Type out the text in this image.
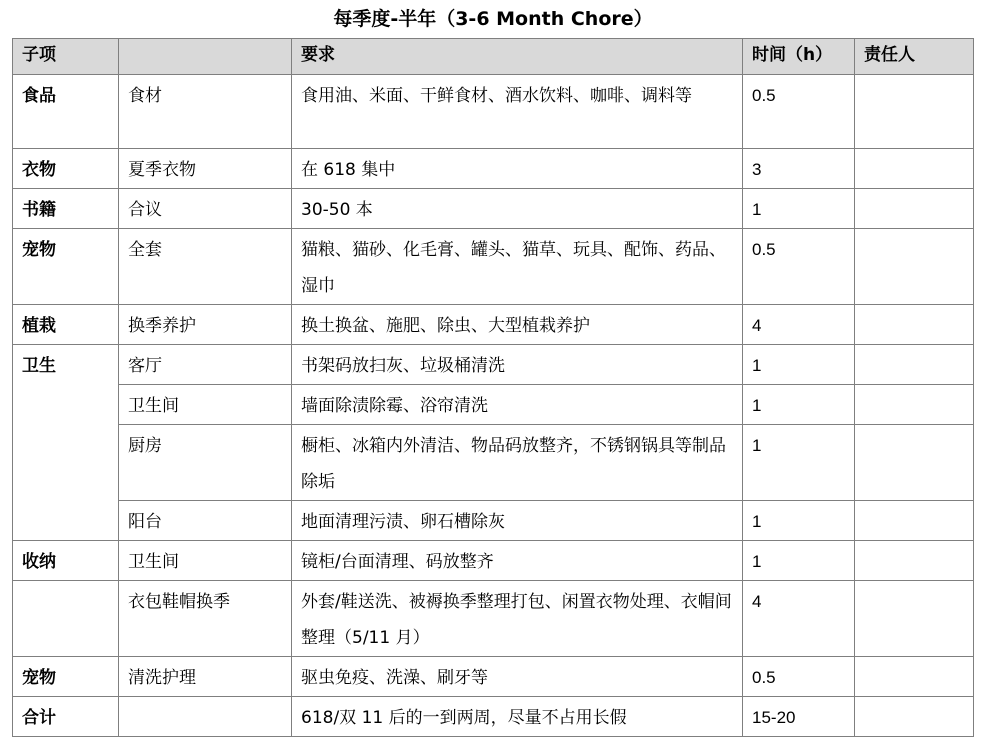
每季度-半年（3-6 Month Chore）
子项		要求	时间（h）	责任人
食品	食材	食用油、米面、干鲜食材、酒水饮料、咖啡、调料等	0.5	
衣物	夏季衣物	在 618 集中	3	
书籍	合议	30-50 本	1	
宠物	全套	猫粮、猫砂、化毛膏、罐头、猫草、玩具、配饰、药品、湿巾	0.5	
植栽	换季养护	换土换盆、施肥、除虫、大型植栽养护	4	
卫生	客厅	书架码放扫灰、垃圾桶清洗	1	
	卫生间	墙面除渍除霉、浴帘清洗	1	
	厨房	橱柜、冰箱内外清洁、物品码放整齐，不锈钢锅具等制品除垢	1	
	阳台	地面清理污渍、卵石槽除灰	1	
收纳	卫生间	镜柜/台面清理、码放整齐	1	
	衣包鞋帽换季	外套/鞋送洗、被褥换季整理打包、闲置衣物处理、衣帽间整理（5/11 月）	4	
宠物	清洗护理	驱虫免疫、洗澡、刷牙等	0.5	
合计		618/双 11 后的一到两周，尽量不占用长假	15-20	
